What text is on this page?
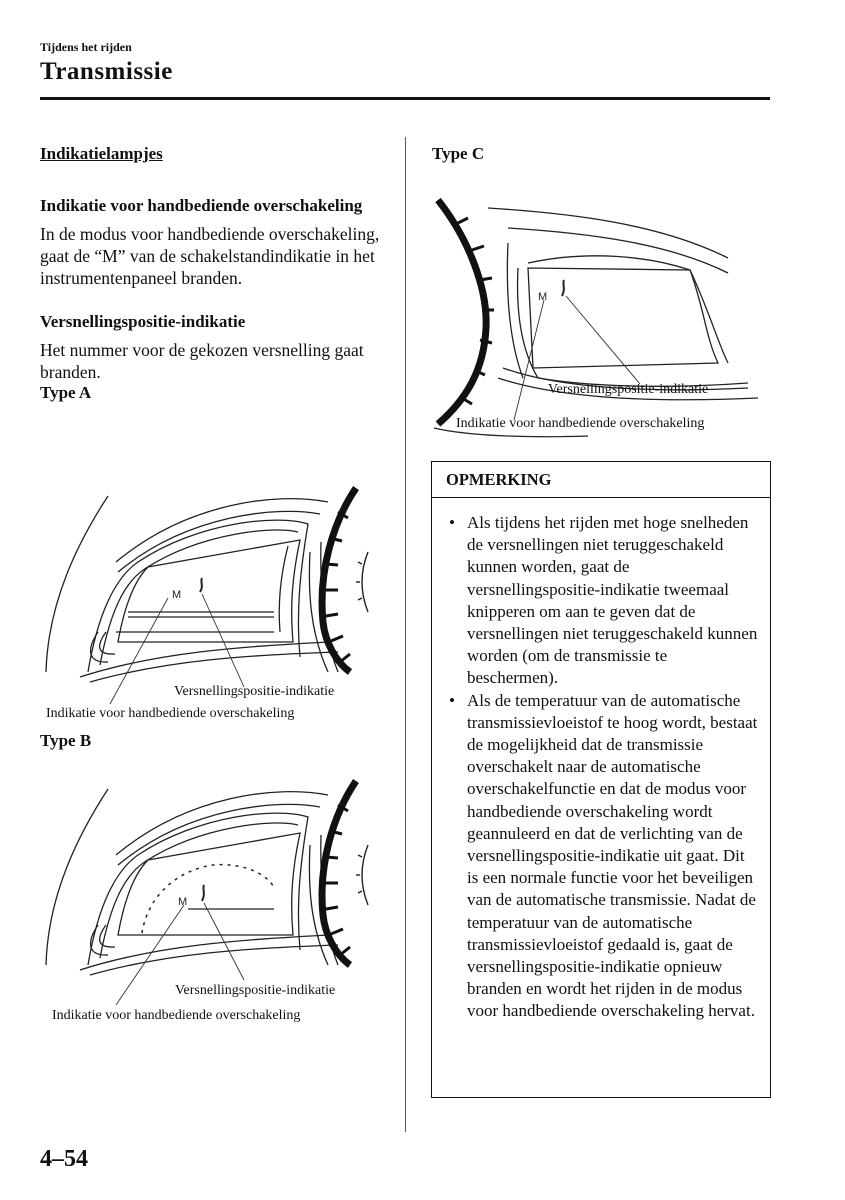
Tijdens het rijden
Transmissie
Indikatielampjes
Indikatie voor handbediende overschakeling
In de modus voor handbediende overschakeling, gaat de “M” van de schakelstandindikatie in het instrumentenpaneel branden.
Versnellingspositie-indikatie
Het nummer voor de gekozen versnelling gaat branden.
Type A
M
Versnellingspositie-indikatie
Indikatie voor handbediende overschakeling
Type B
M
Versnellingspositie-indikatie
Indikatie voor handbediende overschakeling
Type C
M
Versnellingspositie-indikatie
Indikatie voor handbediende overschakeling
OPMERKING
• Als tijdens het rijden met hoge snelheden de versnellingen niet teruggeschakeld kunnen worden, gaat de versnellingspositie-indikatie tweemaal knipperen om aan te geven dat de versnellingen niet teruggeschakeld kunnen worden (om de transmissie te beschermen).
• Als de temperatuur van de automatische transmissievloeistof te hoog wordt, bestaat de mogelijkheid dat de transmissie overschakelt naar de automatische overschakelfunctie en dat de modus voor handbediende overschakeling wordt geannuleerd en dat de verlichting van de versnellingspositie-indikatie uit gaat. Dit is een normale functie voor het beveiligen van de automatische transmissie. Nadat de temperatuur van de automatische transmissievloeistof gedaald is, gaat de versnellingspositie-indikatie opnieuw branden en wordt het rijden in de modus voor handbediende overschakeling hervat.
4–54
